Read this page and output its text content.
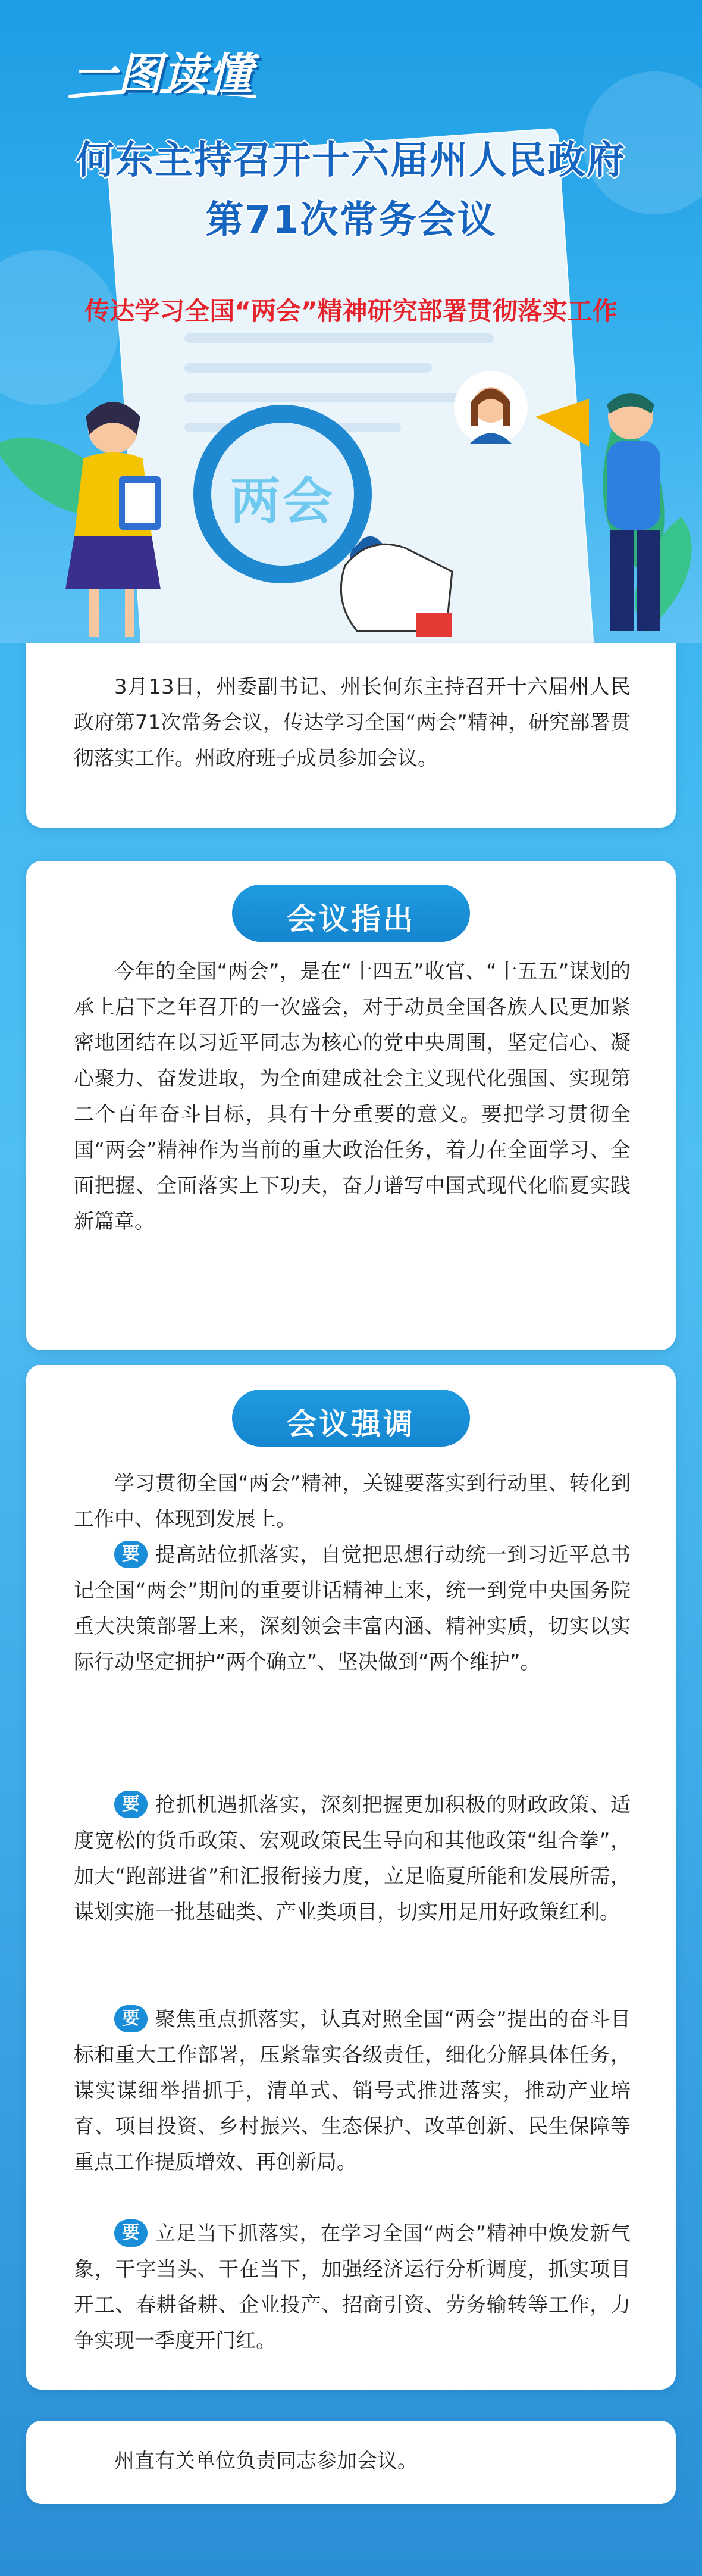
一图读懂
何东主持召开十六届州人民政府
第71次常务会议
传达学习全国“两会”精神研究部署贯彻落实工作
两会

3月13日，州委副书记、州长何东主持召开十六届州人民政府第71次常务会议，传达学习全国“两会”精神，研究部署贯彻落实工作。州政府班子成员参加会议。

会议指出

今年的全国“两会”，是在“十四五”收官、“十五五”谋划的承上启下之年召开的一次盛会，对于动员全国各族人民更加紧密地团结在以习近平同志为核心的党中央周围，坚定信心、凝心聚力、奋发进取，为全面建成社会主义现代化强国、实现第二个百年奋斗目标，具有十分重要的意义。要把学习贯彻全国“两会”精神作为当前的重大政治任务，着力在全面学习、全面把握、全面落实上下功夫，奋力谱写中国式现代化临夏实践新篇章。

会议强调

学习贯彻全国“两会”精神，关键要落实到行动里、转化到工作中、体现到发展上。

要 提高站位抓落实，自觉把思想行动统一到习近平总书记全国“两会”期间的重要讲话精神上来，统一到党中央国务院重大决策部署上来，深刻领会丰富内涵、精神实质，切实以实际行动坚定拥护“两个确立”、坚决做到“两个维护”。

要 抢抓机遇抓落实，深刻把握更加积极的财政政策、适度宽松的货币政策、宏观政策民生导向和其他政策“组合拳”，加大“跑部进省”和汇报衔接力度，立足临夏所能和发展所需，谋划实施一批基础类、产业类项目，切实用足用好政策红利。

要 聚焦重点抓落实，认真对照全国“两会”提出的奋斗目标和重大工作部署，压紧靠实各级责任，细化分解具体任务，谋实谋细举措抓手，清单式、销号式推进落实，推动产业培育、项目投资、乡村振兴、生态保护、改革创新、民生保障等重点工作提质增效、再创新局。

要 立足当下抓落实，在学习全国“两会”精神中焕发新气象，干字当头、干在当下，加强经济运行分析调度，抓实项目开工、春耕备耕、企业投产、招商引资、劳务输转等工作，力争实现一季度开门红。

州直有关单位负责同志参加会议。
